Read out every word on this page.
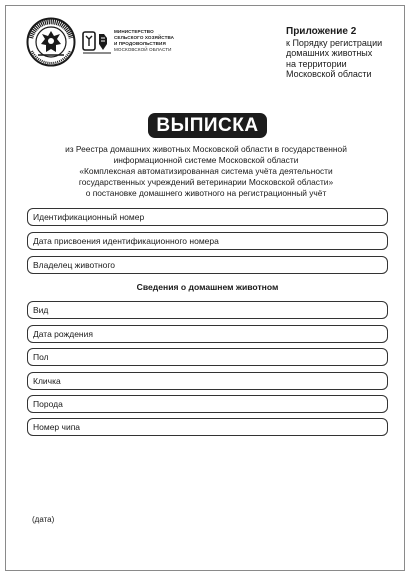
МИНИСТЕРСТВО
СЕЛЬСКОГО ХОЗЯЙСТВА
И ПРОДОВОЛЬСТВИЯ
МОСКОВСКОЙ ОБЛАСТИ
Приложение 2
к Порядку регистрации
домашних животных
на территории
Московской области
ВЫПИСКА
из Реестра домашних животных Московской области в государственной
информационной системе Московской области
«Комплексная автоматизированная система учёта деятельности
государственных учреждений ветеринарии Московской области»
о постановке домашнего животного на регистрационный учёт
Идентификационный номер
Дата присвоения идентификационного номера
Владелец животного
Сведения о домашнем животном
Вид
Дата рождения
Пол
Кличка
Порода
Номер чипа
(дата)
